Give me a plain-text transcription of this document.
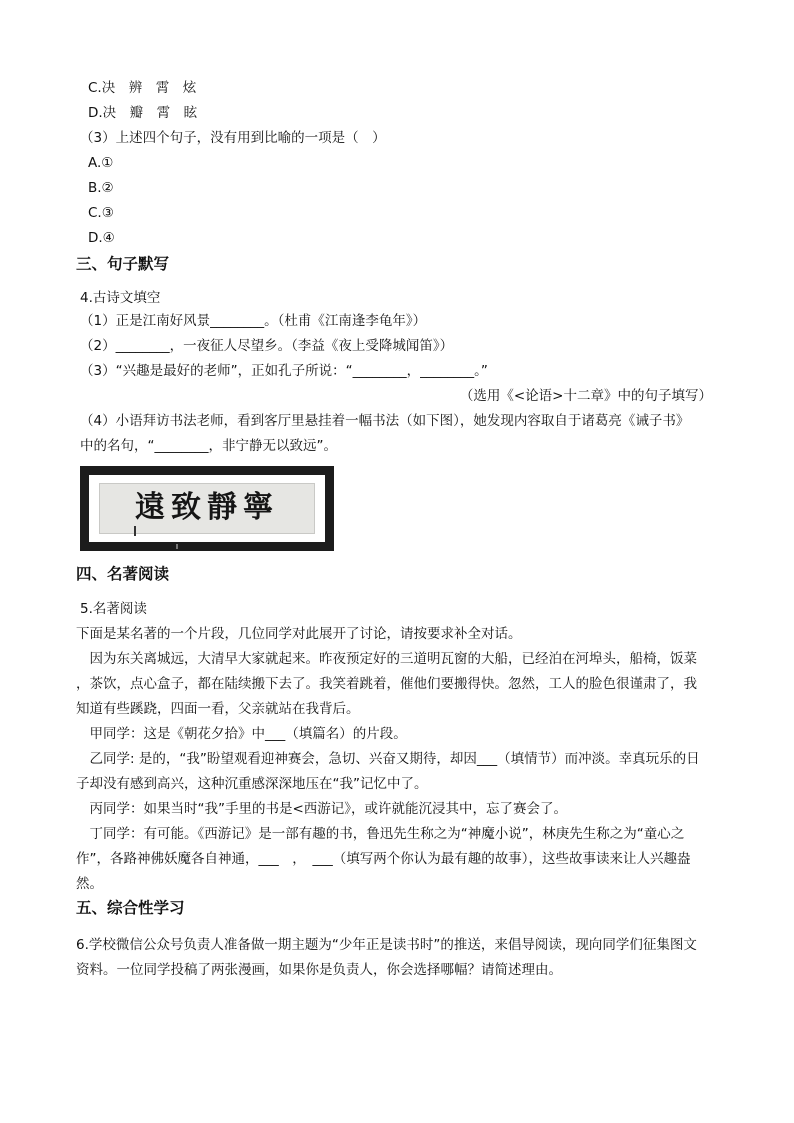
C.决　辨　霄　炫
D.决　瓣　霄　眩
（3）上述四个句子，没有用到比喻的一项是（　）
A.①
B.②
C.③
D.④
三、句子默写
4.古诗文填空
（1）正是江南好风景________。（杜甫《江南逢李龟年》）
（2）________，一夜征人尽望乡。（李益《夜上受降城闻笛》）
（3）“兴趣是最好的老师”，正如孔子所说：“________，________。”
（选用《<论语>十二章》中的句子填写）
（4）小语拜访书法老师，看到客厅里悬挂着一幅书法（如下图），她发现内容取自于诸葛亮《诫子书》
中的名句，“________，非宁静无以致远”。
遠致靜寧
四、名著阅读
5.名著阅读
下面是某名著的一个片段，几位同学对此展开了讨论，请按要求补全对话。
　因为东关离城远，大清早大家就起来。昨夜预定好的三道明瓦窗的大船，已经泊在河埠头，船椅，饭菜
，茶饮，点心盒子，都在陆续搬下去了。我笑着跳着，催他们要搬得快。忽然，工人的脸色很谨肃了，我
知道有些蹊跷，四面一看，父亲就站在我背后。
　甲同学：这是《朝花夕拾》中___（填篇名）的片段。
　乙同学: 是的，“我”盼望观看迎神赛会，急切、兴奋又期待，却因___（填情节）而冲淡。幸真玩乐的日
子却没有感到高兴，这种沉重感深深地压在“我”记忆中了。
　丙同学：如果当时“我”手里的书是<西游记》，或许就能沉浸其中，忘了赛会了。
　丁同学：有可能。《西游记》是一部有趣的书，鲁迅先生称之为“神魔小说”，林庚先生称之为“童心之
作”，各路神佛妖魔各自神通，___　，　___（填写两个你认为最有趣的故事），这些故事读来让人兴趣盎
然。
五、综合性学习
6.学校微信公众号负责人准备做一期主题为“少年正是读书时”的推送，来倡导阅读，现向同学们征集图文
资料。一位同学投稿了两张漫画，如果你是负责人，你会选择哪幅？请简述理由。
